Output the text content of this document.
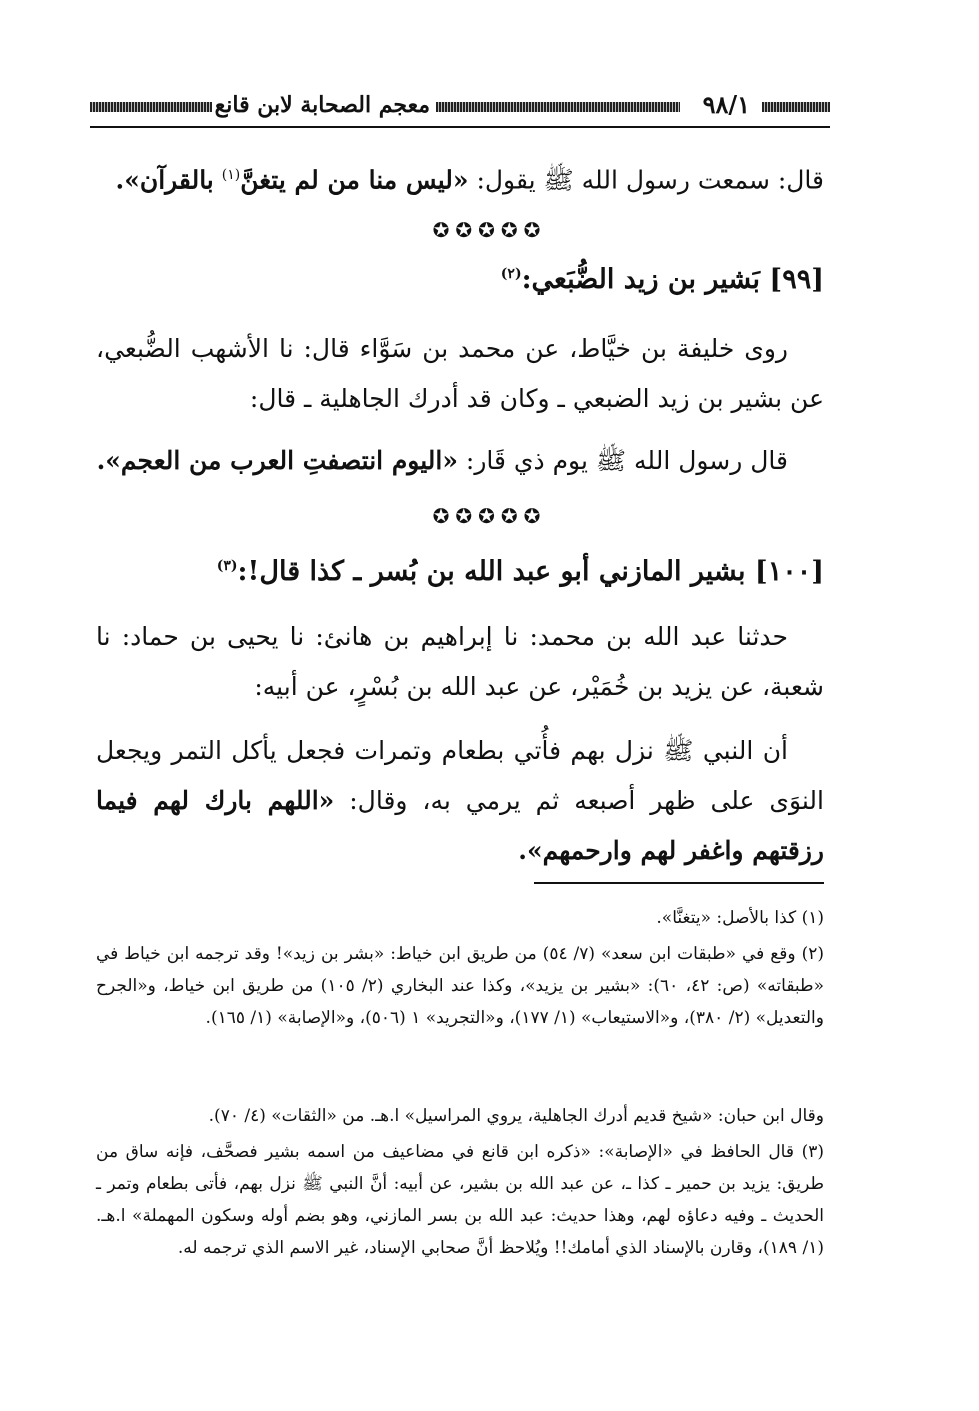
٩٨/١
معجم الصحابة لابن قانع
قال: سمعت رسول الله ﷺ يقول: «ليس منا من لم يتغنَّ$^{(١)}$ بالقرآن».
✪✪✪✪✪
[٩٩] بَشير بن زيد الضُّبَعي:$^{(٢)}$
روى خليفة بن خيَّاط، عن محمد بن سَوَّاء قال: نا الأشهب الضُّبعي، عن بشير بن زيد الضبعي ـ وكان قد أدرك الجاهلية ـ قال:
قال رسول الله ﷺ يوم ذي قَار: «اليوم انتصفتِ العرب من العجم».
✪✪✪✪✪
[١٠٠] بشير المازني أبو عبد الله بن بُسر ـ كذا قال!:$^{(٣)}$
حدثنا عبد الله بن محمد: نا إبراهيم بن هانئ: نا يحيى بن حماد: نا شعبة، عن يزيد بن خُمَيْر، عن عبد الله بن بُسْرٍ، عن أبيه:
أن النبي ﷺ نزل بهم فأُتي بطعام وتمرات فجعل يأكل التمر ويجعل النوَى على ظهر أصبعه ثم يرمي به، وقال: «اللهم بارك لهم فيما رزقتهم واغفر لهم وارحمهم».
(١) كذا بالأصل: «يتغنَّا».
(٢) وقع في «طبقات ابن سعد» (٧/ ٥٤) من طريق ابن خياط: «بشر بن زيد»! وقد ترجمه ابن خياط في «طبقاته» (ص: ٤٢، ٦٠): «بشير بن يزيد»، وكذا عند البخاري (٢/ ١٠٥) من طريق ابن خياط، و«الجرح والتعديل» (٢/ ٣٨٠)، و«الاستيعاب» (١/ ١٧٧)، و«التجريد» ١ (٥٠٦)، و«الإصابة» (١/ ١٦٥).
وقال ابن حبان: «شيخ قديم أدرك الجاهلية، يروي المراسيل» ا.هـ. من «الثقات» (٤/ ٧٠).
(٣) قال الحافظ في «الإصابة»: «ذكره ابن قانع في مضاعيف من اسمه بشير فصحَّف، فإنه ساق من طريق: يزيد بن حمير ـ كذا ـ، عن عبد الله بن بشير، عن أبيه: أنَّ النبي ﷺ نزل بهم، فأتى بطعام وتمر ـ الحديث ـ وفيه دعاؤه لهم، وهذا حديث: عبد الله بن بسر المازني، وهو بضم أوله وسكون المهملة» ا.هـ. (١/ ١٨٩)، وقارن بالإسناد الذي أمامك!! ويُلاحظ أنَّ صحابي الإسناد، غير الاسم الذي ترجمه له.
